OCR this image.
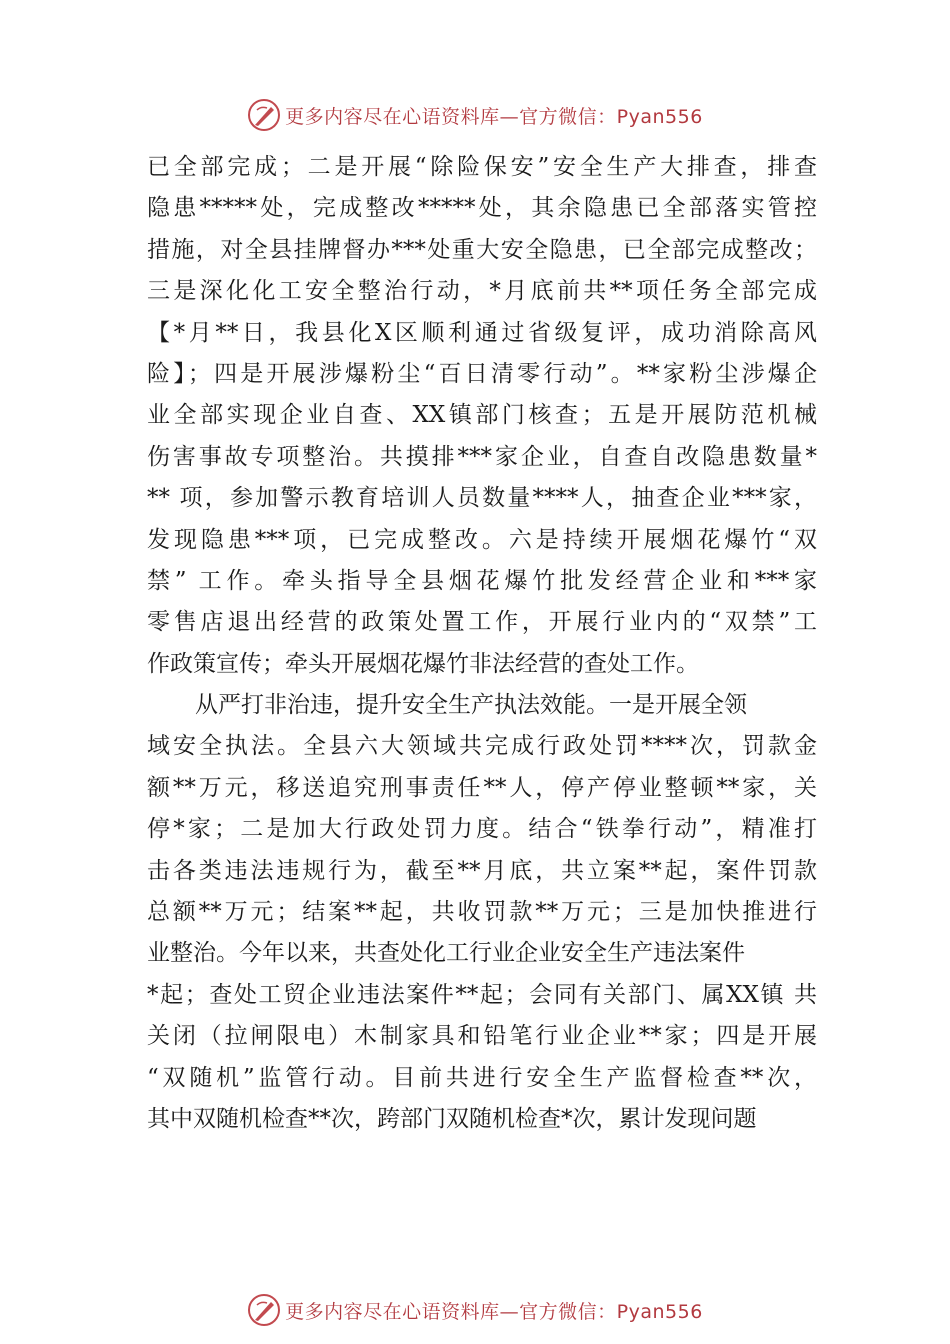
更多内容尽在心语资料库—官方微信：Pyan556
已全部完成；二是开展“除险保安”安全生产大排查，排查
隐患*****处，完成整改*****处，其余隐患已全部落实管控
措施，对全县挂牌督办***处重大安全隐患，已全部完成整改；
三是深化化工安全整治行动，*月底前共**项任务全部完成
【*月**日，我县化X区顺利通过省级复评，成功消除高风
险】；四是开展涉爆粉尘“百日清零行动”。**家粉尘涉爆企
业全部实现企业自查、XX镇部门核查；五是开展防范机械
伤害事故专项整治。共摸排***家企业，自查自改隐患数量*
** 项，参加警示教育培训人员数量****人，抽查企业***家，
发现隐患***项，已完成整改。六是持续开展烟花爆竹“双
禁” 工作。牵头指导全县烟花爆竹批发经营企业和***家
零售店退出经营的政策处置工作，开展行业内的“双禁”工
作政策宣传；牵头开展烟花爆竹非法经营的查处工作。
从严打非治违，提升安全生产执法效能。一是开展全领
域安全执法。全县六大领域共完成行政处罚****次，罚款金
额**万元，移送追究刑事责任**人，停产停业整顿**家，关
停*家；二是加大行政处罚力度。结合“铁拳行动”，精准打
击各类违法违规行为，截至**月底，共立案**起，案件罚款
总额**万元；结案**起，共收罚款**万元；三是加快推进行
业整治。今年以来，共查处化工行业企业安全生产违法案件
*起；查处工贸企业违法案件**起；会同有关部门、属XX镇 共
关闭（拉闸限电）木制家具和铅笔行业企业**家；四是开展
“双随机”监管行动。目前共进行安全生产监督检查**次，
其中双随机检查**次，跨部门双随机检查*次，累计发现问题
更多内容尽在心语资料库—官方微信：Pyan556
